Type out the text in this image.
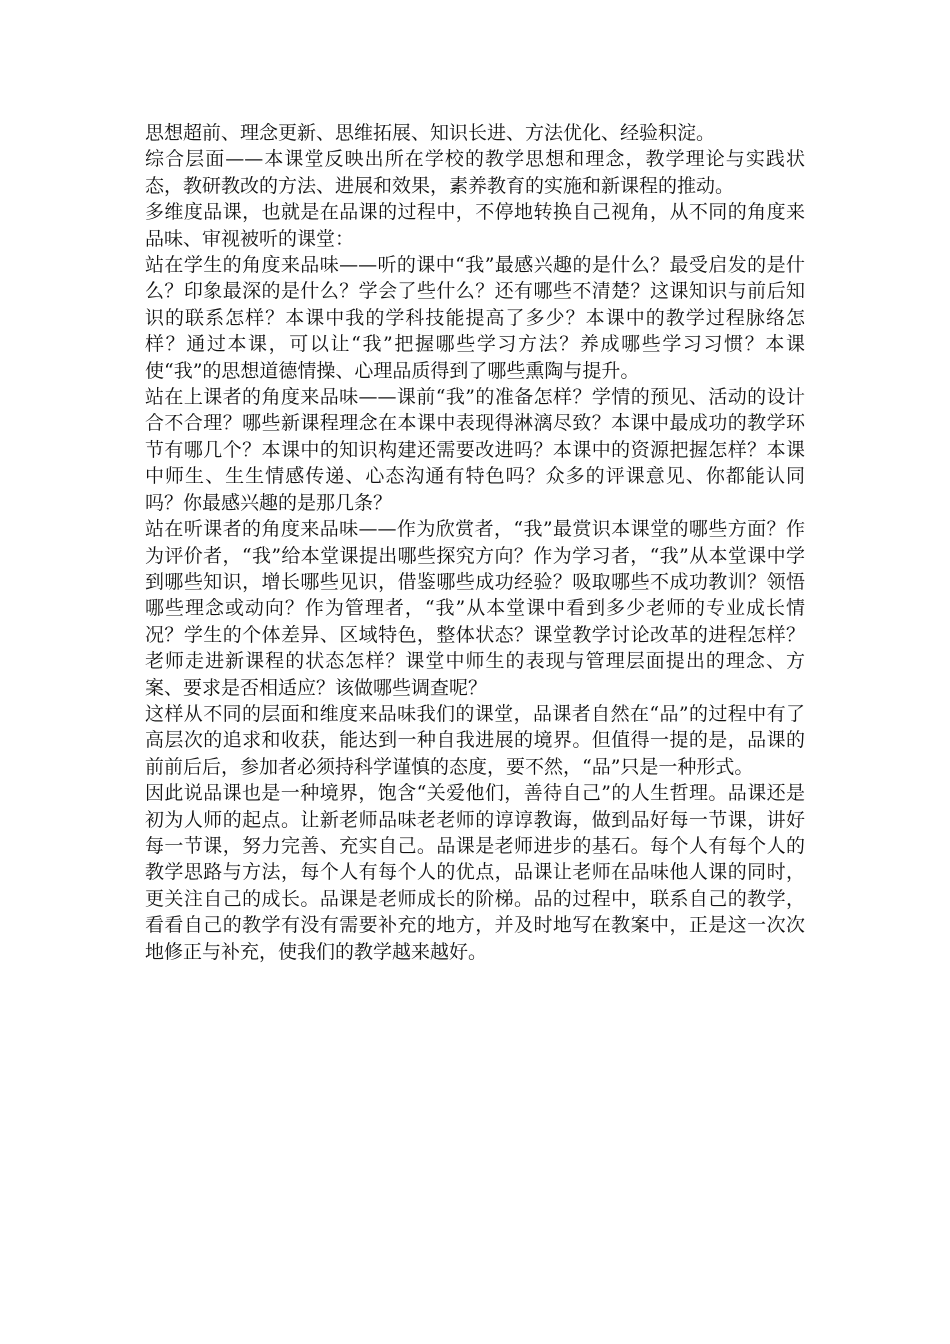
思想超前、理念更新、思维拓展、知识长进、方法优化、经验积淀。

综合层面——本课堂反映出所在学校的教学思想和理念，教学理论与实践状态，教研教改的方法、进展和效果，素养教育的实施和新课程的推动。

多维度品课，也就是在品课的过程中，不停地转换自己视角，从不同的角度来品味、审视被听的课堂：

站在学生的角度来品味——听的课中“我”最感兴趣的是什么？最受启发的是什么？印象最深的是什么？学会了些什么？还有哪些不清楚？这课知识与前后知识的联系怎样？本课中我的学科技能提高了多少？本课中的教学过程脉络怎样？通过本课，可以让“我”把握哪些学习方法？养成哪些学习习惯？本课使“我”的思想道德情操、心理品质得到了哪些熏陶与提升。

站在上课者的角度来品味——课前“我”的准备怎样？学情的预见、活动的设计合不合理？哪些新课程理念在本课中表现得淋漓尽致？本课中最成功的教学环节有哪几个？本课中的知识构建还需要改进吗？本课中的资源把握怎样？本课中师生、生生情感传递、心态沟通有特色吗？众多的评课意见、你都能认同吗？你最感兴趣的是那几条？

站在听课者的角度来品味——作为欣赏者，“我”最赏识本课堂的哪些方面？作为评价者，“我”给本堂课提出哪些探究方向？作为学习者，“我”从本堂课中学到哪些知识，增长哪些见识，借鉴哪些成功经验？吸取哪些不成功教训？领悟哪些理念或动向？作为管理者，“我”从本堂课中看到多少老师的专业成长情况？学生的个体差异、区域特色，整体状态？课堂教学讨论改革的进程怎样？老师走进新课程的状态怎样？课堂中师生的表现与管理层面提出的理念、方案、要求是否相适应？该做哪些调查呢？

这样从不同的层面和维度来品味我们的课堂，品课者自然在“品”的过程中有了高层次的追求和收获，能达到一种自我进展的境界。但值得一提的是，品课的前前后后，参加者必须持科学谨慎的态度，要不然，“品”只是一种形式。

因此说品课也是一种境界，饱含“关爱他们，善待自己”的人生哲理。品课还是初为人师的起点。让新老师品味老老师的谆谆教诲，做到品好每一节课，讲好每一节课，努力完善、充实自己。品课是老师进步的基石。每个人有每个人的教学思路与方法，每个人有每个人的优点，品课让老师在品味他人课的同时，更关注自己的成长。品课是老师成长的阶梯。品的过程中，联系自己的教学，看看自己的教学有没有需要补充的地方，并及时地写在教案中，正是这一次次地修正与补充，使我们的教学越来越好。
